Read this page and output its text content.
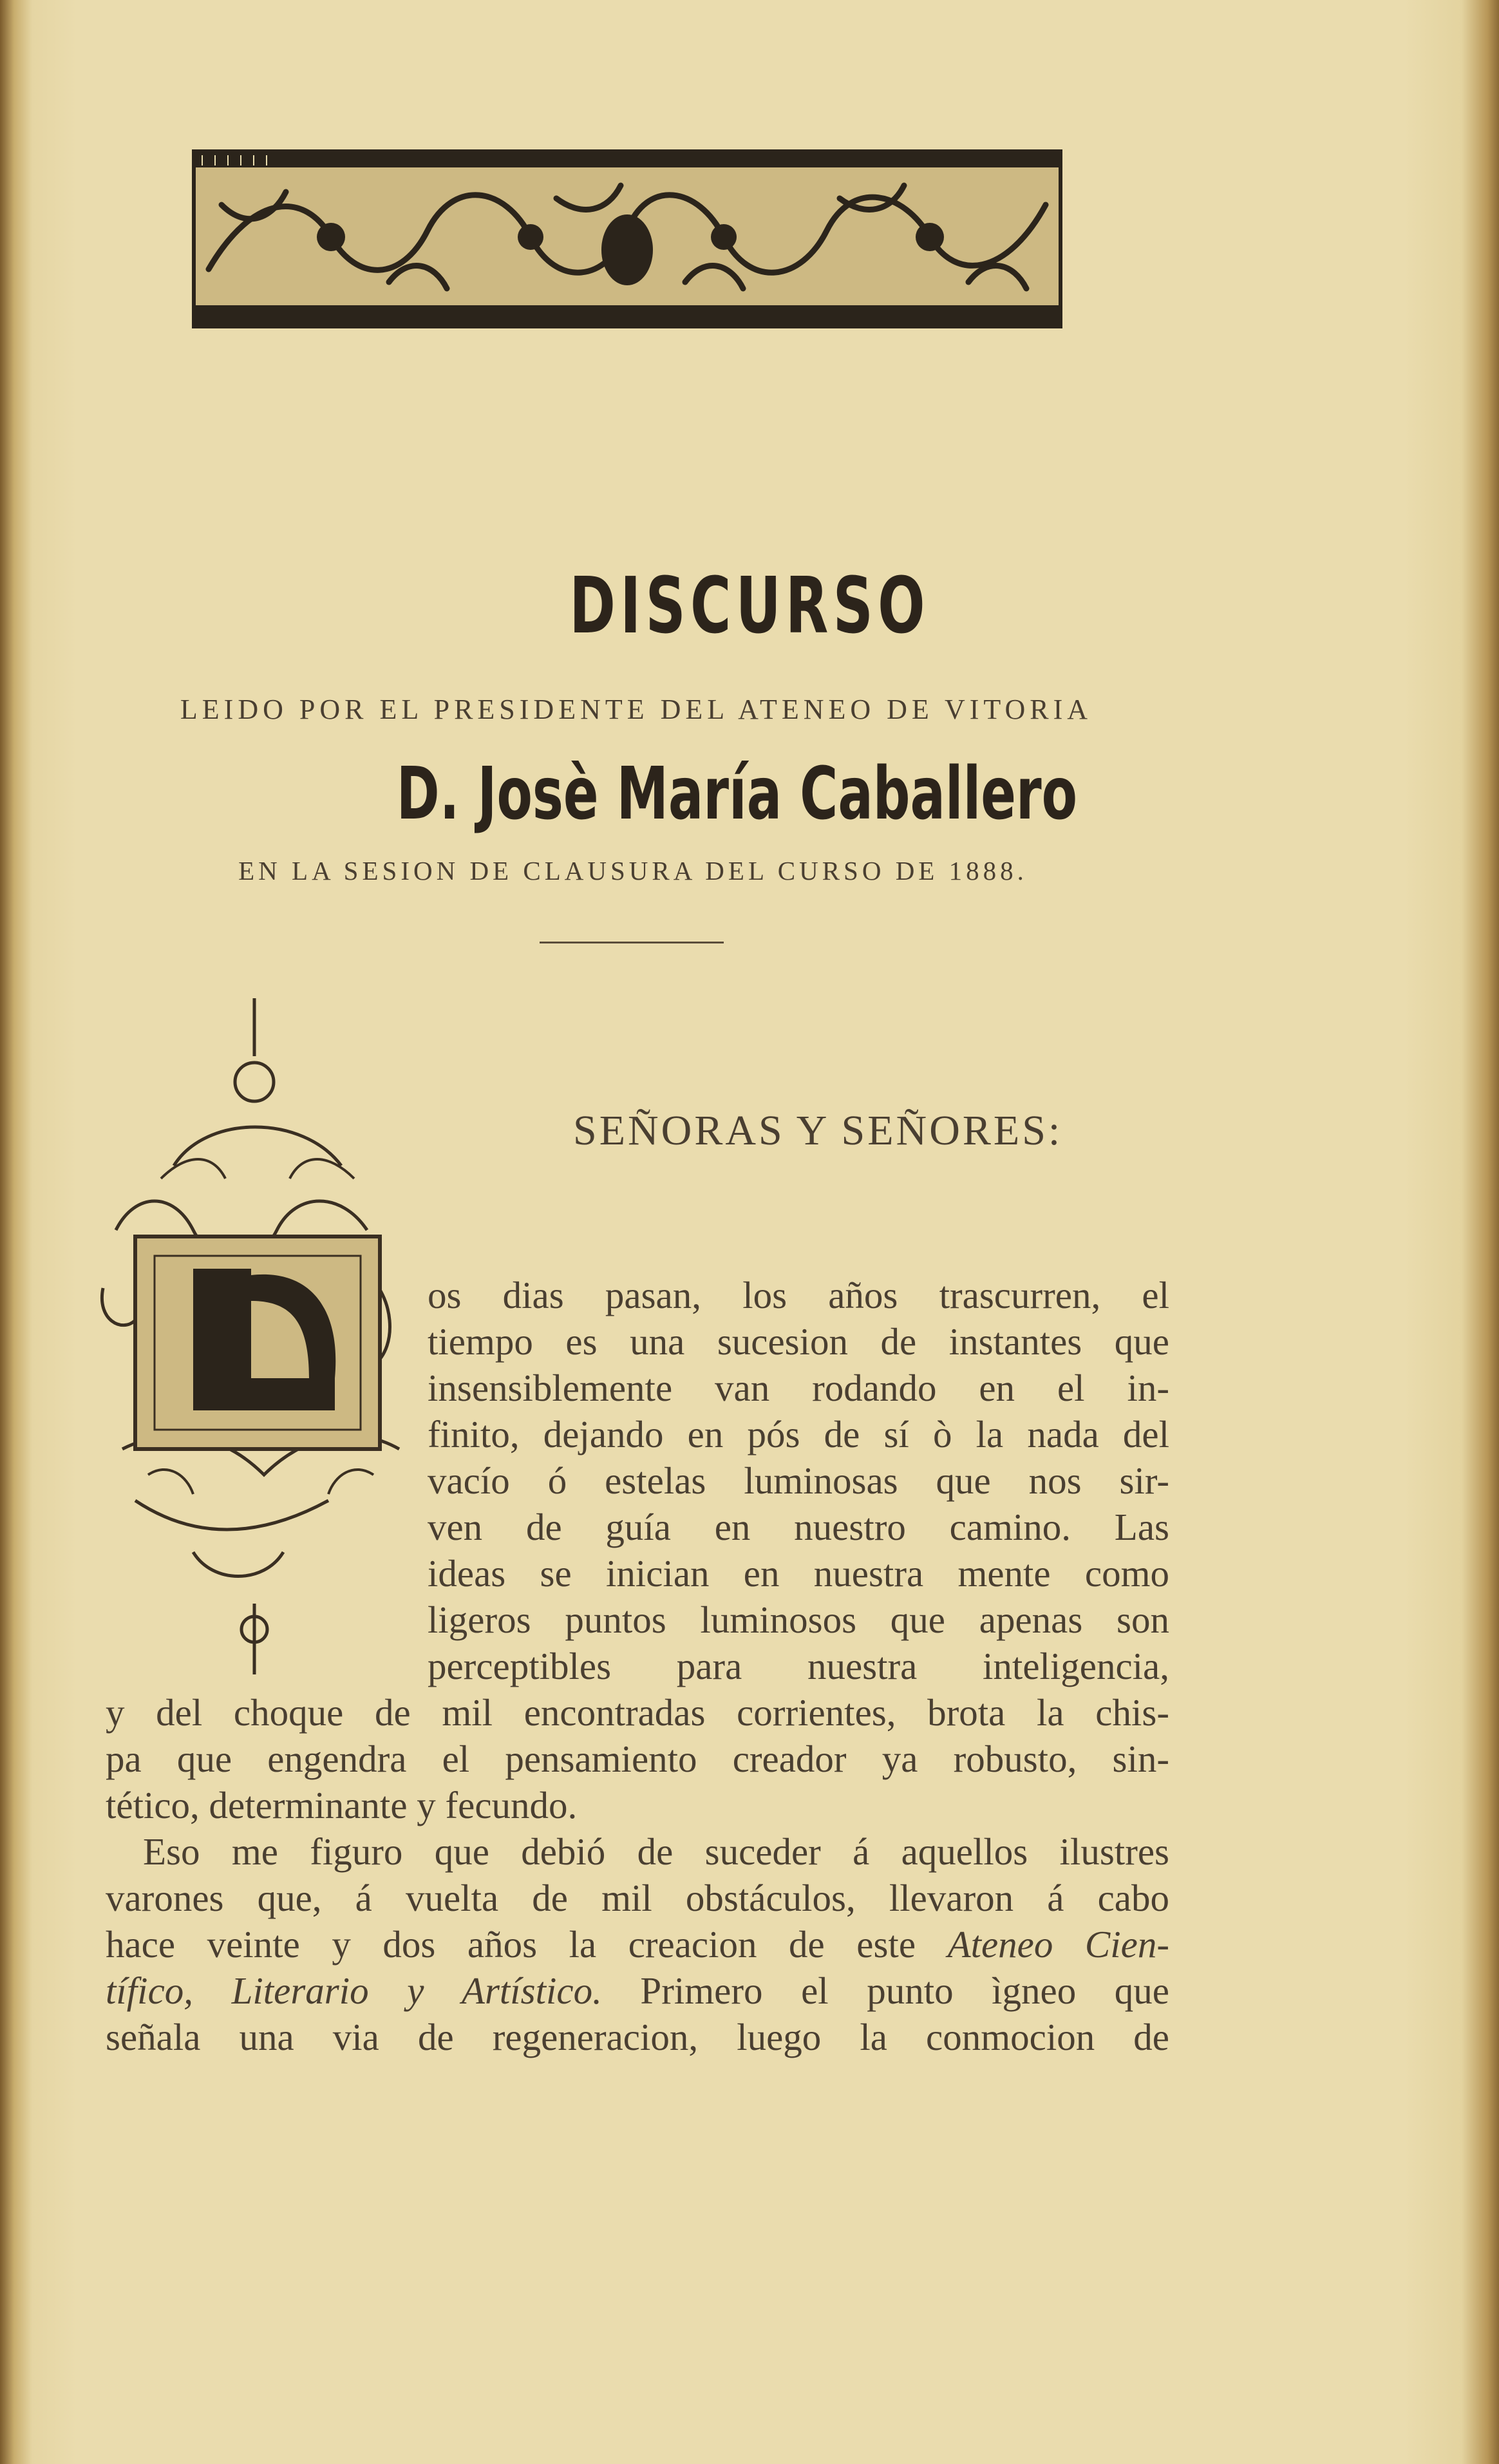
DISCURSO
LEIDO POR EL PRESIDENTE DEL ATENEO DE VITORIA
D. Josè María Caballero
EN LA SESION DE CLAUSURA DEL CURSO DE 1888.
SEÑORAS Y SEÑORES:
os dias pasan, los años trascurren, el
tiempo es una sucesion de instantes que
insensiblemente van rodando en el in-
finito, dejando en pós de sí ò la nada del
vacío ó estelas luminosas que nos sir-
ven de guía en nuestro camino. Las
ideas se inician en nuestra mente como
ligeros puntos luminosos que apenas son
perceptibles para nuestra inteligencia,
y del choque de mil encontradas corrientes, brota la chis-
pa que engendra el pensamiento creador ya robusto, sin-
tético, determinante y fecundo.
Eso me figuro que debió de suceder á aquellos ilustres
varones que, á vuelta de mil obstáculos, llevaron á cabo
hace veinte y dos años la creacion de este Ateneo Cien-
tífico, Literario y Artístico. Primero el punto ìgneo que
señala una via de regeneracion, luego la conmocion de
